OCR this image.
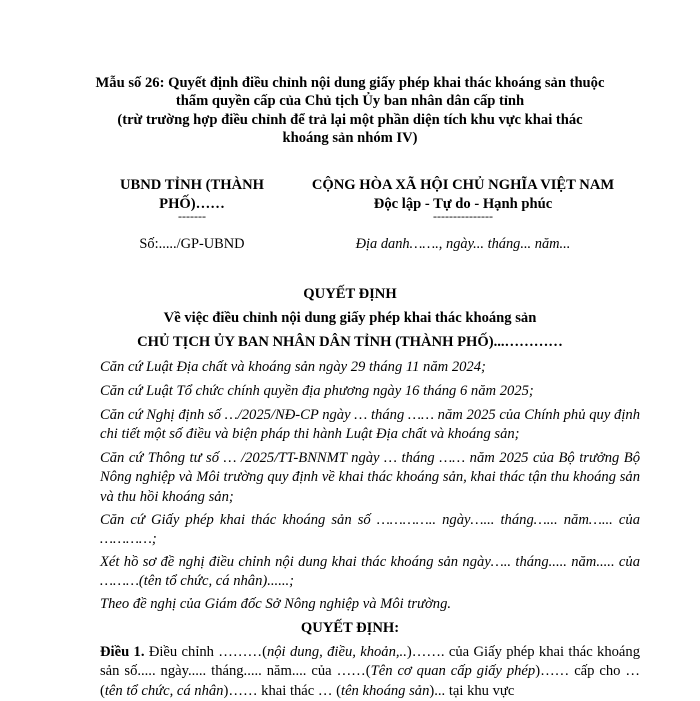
Mẫu số 26: Quyết định điều chỉnh nội dung giấy phép khai thác khoáng sản thuộc
thẩm quyền cấp của Chủ tịch Ủy ban nhân dân cấp tỉnh
(trừ trường hợp điều chỉnh để trả lại một phần diện tích khu vực khai thác
khoáng sản nhóm IV)
UBND TỈNH (THÀNH
PHỐ)……
-------
CỘNG HÒA XÃ HỘI CHỦ NGHĨA VIỆT NAM
Độc lập - Tự do - Hạnh phúc
---------------
Số:...../GP-UBND	Địa danh……., ngày... tháng... năm...
QUYẾT ĐỊNH
Về việc điều chỉnh nội dung giấy phép khai thác khoáng sản
CHỦ TỊCH ỦY BAN NHÂN DÂN TỈNH (THÀNH PHỐ)...…………
Căn cứ Luật Địa chất và khoáng sản ngày 29 tháng 11 năm 2024;
Căn cứ Luật Tổ chức chính quyền địa phương ngày 16 tháng 6 năm 2025;
Căn cứ Nghị định số …/2025/NĐ-CP ngày … tháng …… năm 2025 của Chính phủ quy định chi tiết một số điều và biện pháp thi hành Luật Địa chất và khoáng sản;
Căn cứ Thông tư số … /2025/TT-BNNMT ngày … tháng …… năm 2025 của Bộ trưởng Bộ Nông nghiệp và Môi trường quy định về khai thác khoáng sản, khai thác tận thu khoáng sản và thu hồi khoáng sản;
Căn cứ Giấy phép khai thác khoáng sản số ………….. ngày…... tháng…... năm…... của …………;
Xét hồ sơ đề nghị điều chỉnh nội dung khai thác khoáng sản ngày….. tháng..... năm..... của ………(tên tổ chức, cá nhân)......;
Theo đề nghị của Giám đốc Sở Nông nghiệp và Môi trường.
QUYẾT ĐỊNH:
Điều 1. Điều chỉnh ………(nội dung, điều, khoản,..)……. của Giấy phép khai thác khoáng sản số..... ngày..... tháng..... năm.... của ……(Tên cơ quan cấp giấy phép)…… cấp cho … (tên tổ chức, cá nhân)…… khai thác … (tên khoáng sản)... tại khu vực
